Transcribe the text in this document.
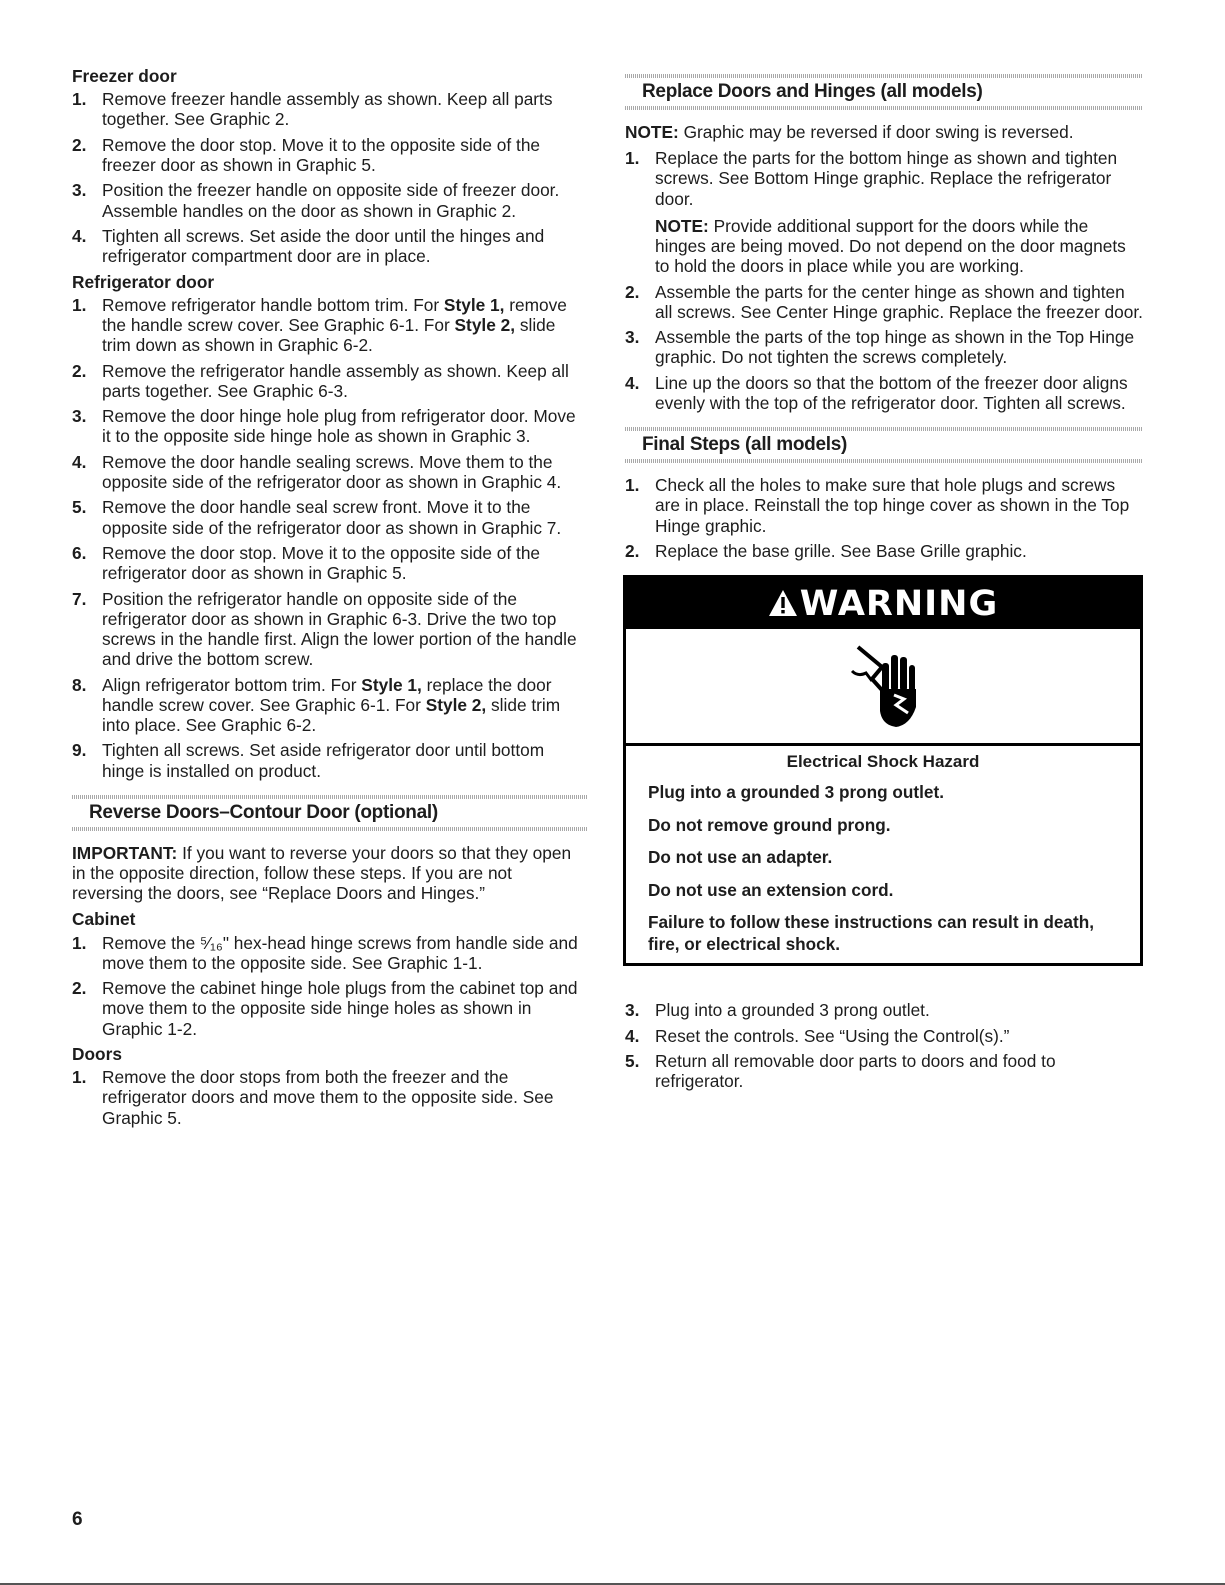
Freezer door
1. Remove freezer handle assembly as shown. Keep all parts together. See Graphic 2.
2. Remove the door stop. Move it to the opposite side of the freezer door as shown in Graphic 5.
3. Position the freezer handle on opposite side of freezer door. Assemble handles on the door as shown in Graphic 2.
4. Tighten all screws. Set aside the door until the hinges and refrigerator compartment door are in place.
Refrigerator door
1. Remove refrigerator handle bottom trim. For Style 1, remove the handle screw cover. See Graphic 6-1. For Style 2, slide trim down as shown in Graphic 6-2.
2. Remove the refrigerator handle assembly as shown. Keep all parts together. See Graphic 6-3.
3. Remove the door hinge hole plug from refrigerator door. Move it to the opposite side hinge hole as shown in Graphic 3.
4. Remove the door handle sealing screws. Move them to the opposite side of the refrigerator door as shown in Graphic 4.
5. Remove the door handle seal screw front. Move it to the opposite side of the refrigerator door as shown in Graphic 7.
6. Remove the door stop. Move it to the opposite side of the refrigerator door as shown in Graphic 5.
7. Position the refrigerator handle on opposite side of the refrigerator door as shown in Graphic 6-3. Drive the two top screws in the handle first. Align the lower portion of the handle and drive the bottom screw.
8. Align refrigerator bottom trim. For Style 1, replace the door handle screw cover. See Graphic 6-1. For Style 2, slide trim into place. See Graphic 6-2.
9. Tighten all screws. Set aside refrigerator door until bottom hinge is installed on product.
Reverse Doors–Contour Door (optional)

IMPORTANT: If you want to reverse your doors so that they open in the opposite direction, follow these steps. If you are not reversing the doors, see “Replace Doors and Hinges.”

Cabinet
1. Remove the ⁵⁄₁₆" hex-head hinge screws from handle side and move them to the opposite side. See Graphic 1-1.
2. Remove the cabinet hinge hole plugs from the cabinet top and move them to the opposite side hinge holes as shown in Graphic 1-2.
Doors
1. Remove the door stops from both the freezer and the refrigerator doors and move them to the opposite side. See Graphic 5.
Replace Doors and Hinges (all models)

NOTE: Graphic may be reversed if door swing is reversed.

1. Replace the parts for the bottom hinge as shown and tighten screws. See Bottom Hinge graphic. Replace the refrigerator door.
NOTE: Provide additional support for the doors while the hinges are being moved. Do not depend on the door magnets to hold the doors in place while you are working.
2. Assemble the parts for the center hinge as shown and tighten all screws. See Center Hinge graphic. Replace the freezer door.
3. Assemble the parts of the top hinge as shown in the Top Hinge graphic. Do not tighten the screws completely.
4. Line up the doors so that the bottom of the freezer door aligns evenly with the top of the refrigerator door. Tighten all screws.
Final Steps (all models)
1. Check all the holes to make sure that hole plugs and screws are in place. Reinstall the top hinge cover as shown in the Top Hinge graphic.
2. Replace the base grille. See Base Grille graphic.
WARNING
Electrical Shock Hazard

Plug into a grounded 3 prong outlet.

Do not remove ground prong.

Do not use an adapter.

Do not use an extension cord.

Failure to follow these instructions can result in death, fire, or electrical shock.

3. Plug into a grounded 3 prong outlet.
4. Reset the controls. See “Using the Control(s).”
5. Return all removable door parts to doors and food to refrigerator.
6
